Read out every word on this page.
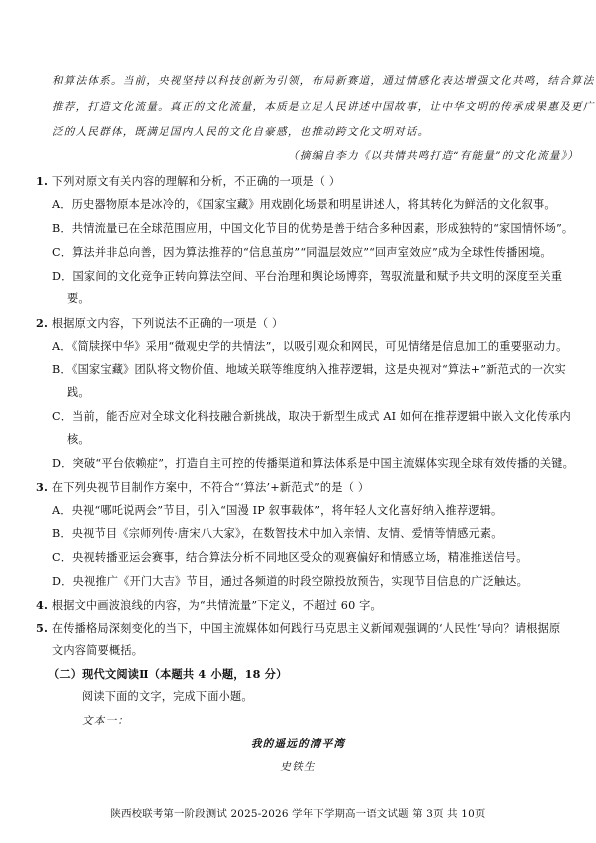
和算法体系。当前，央视坚持以科技创新为引领，布局新赛道，通过情感化表达增强文化共鸣，结合算法
推荐，打造文化流量。真正的文化流量，本质是立足人民讲述中国故事，让中华文明的传承成果惠及更广
泛的人民群体，既满足国内人民的文化自豪感，也推动跨文化文明对话。
（摘编自李力《以共情共鸣打造“有能量”的文化流量》）
1. 下列对原文有关内容的理解和分析，不正确的一项是（ ）
A．历史器物原本是冰冷的，《国家宝藏》用戏剧化场景和明星讲述人，将其转化为鲜活的文化叙事。
B．共情流量已在全球范围应用，中国文化节目的优势是善于结合多种因素，形成独特的“家国情怀场”。
C．算法并非总向善，因为算法推荐的“信息茧房”“同温层效应”“回声室效应”成为全球性传播困境。
D．国家间的文化竞争正转向算法空间、平台治理和舆论场博弈，驾驭流量和赋予共文明的深度至关重
要。
2. 根据原文内容，下列说法不正确的一项是（ ）
A．《简牍探中华》采用“微观史学的共情法”，以吸引观众和网民，可见情绪是信息加工的重要驱动力。
B．《国家宝藏》团队将文物价值、地域关联等维度纳入推荐逻辑，这是央视对“算法+”新范式的一次实
践。
C．当前，能否应对全球文化科技融合新挑战，取决于新型生成式 AI 如何在推荐逻辑中嵌入文化传承内
核。
D．突破“平台依赖症”，打造自主可控的传播渠道和算法体系是中国主流媒体实现全球有效传播的关键。
3. 在下列央视节目制作方案中，不符合“‘算法’+新范式”的是（ ）
A．央视“哪吒说两会”节目，引入“国漫 IP 叙事载体”，将年轻人文化喜好纳入推荐逻辑。
B．央视节目《宗师列传·唐宋八大家》，在数智技术中加入亲情、友情、爱情等情感元素。
C．央视转播亚运会赛事，结合算法分析不同地区受众的观赛偏好和情感立场，精准推送信号。
D．央视推广《开门大吉》节目，通过各频道的时段空隙投放预告，实现节目信息的广泛触达。
4. 根据文中画波浪线的内容，为“共情流量”下定义，不超过 60 字。
5. 在传播格局深刻变化的当下，中国主流媒体如何践行马克思主义新闻观强调的‘人民性’导向？请根据原
文内容简要概括。
（二）现代文阅读Ⅱ（本题共 4 小题，18 分）
阅读下面的文字，完成下面小题。
文本一：
我的遥远的清平湾
史铁生
陕西校联考第一阶段测试 2025-2026 学年下学期高一语文试题 第 3页 共 10页
